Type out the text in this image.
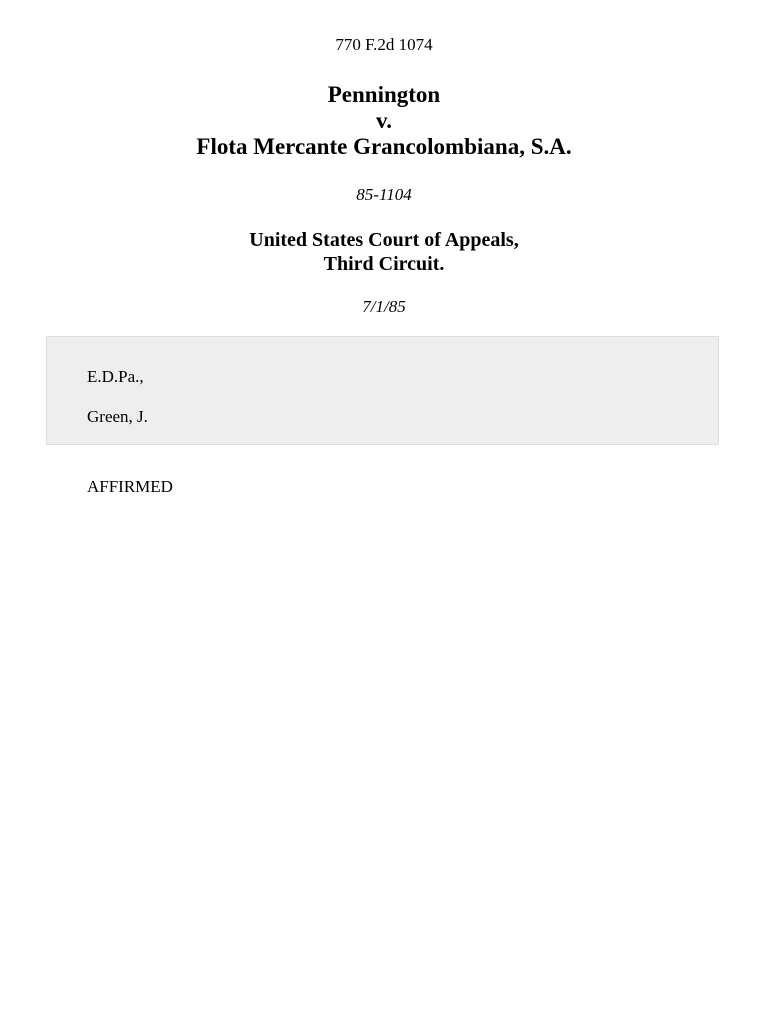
770 F.2d 1074
Pennington
v.
Flota Mercante Grancolombiana, S.A.
85-1104
United States Court of Appeals,
Third Circuit.
7/1/85
E.D.Pa.,
Green, J.
AFFIRMED
